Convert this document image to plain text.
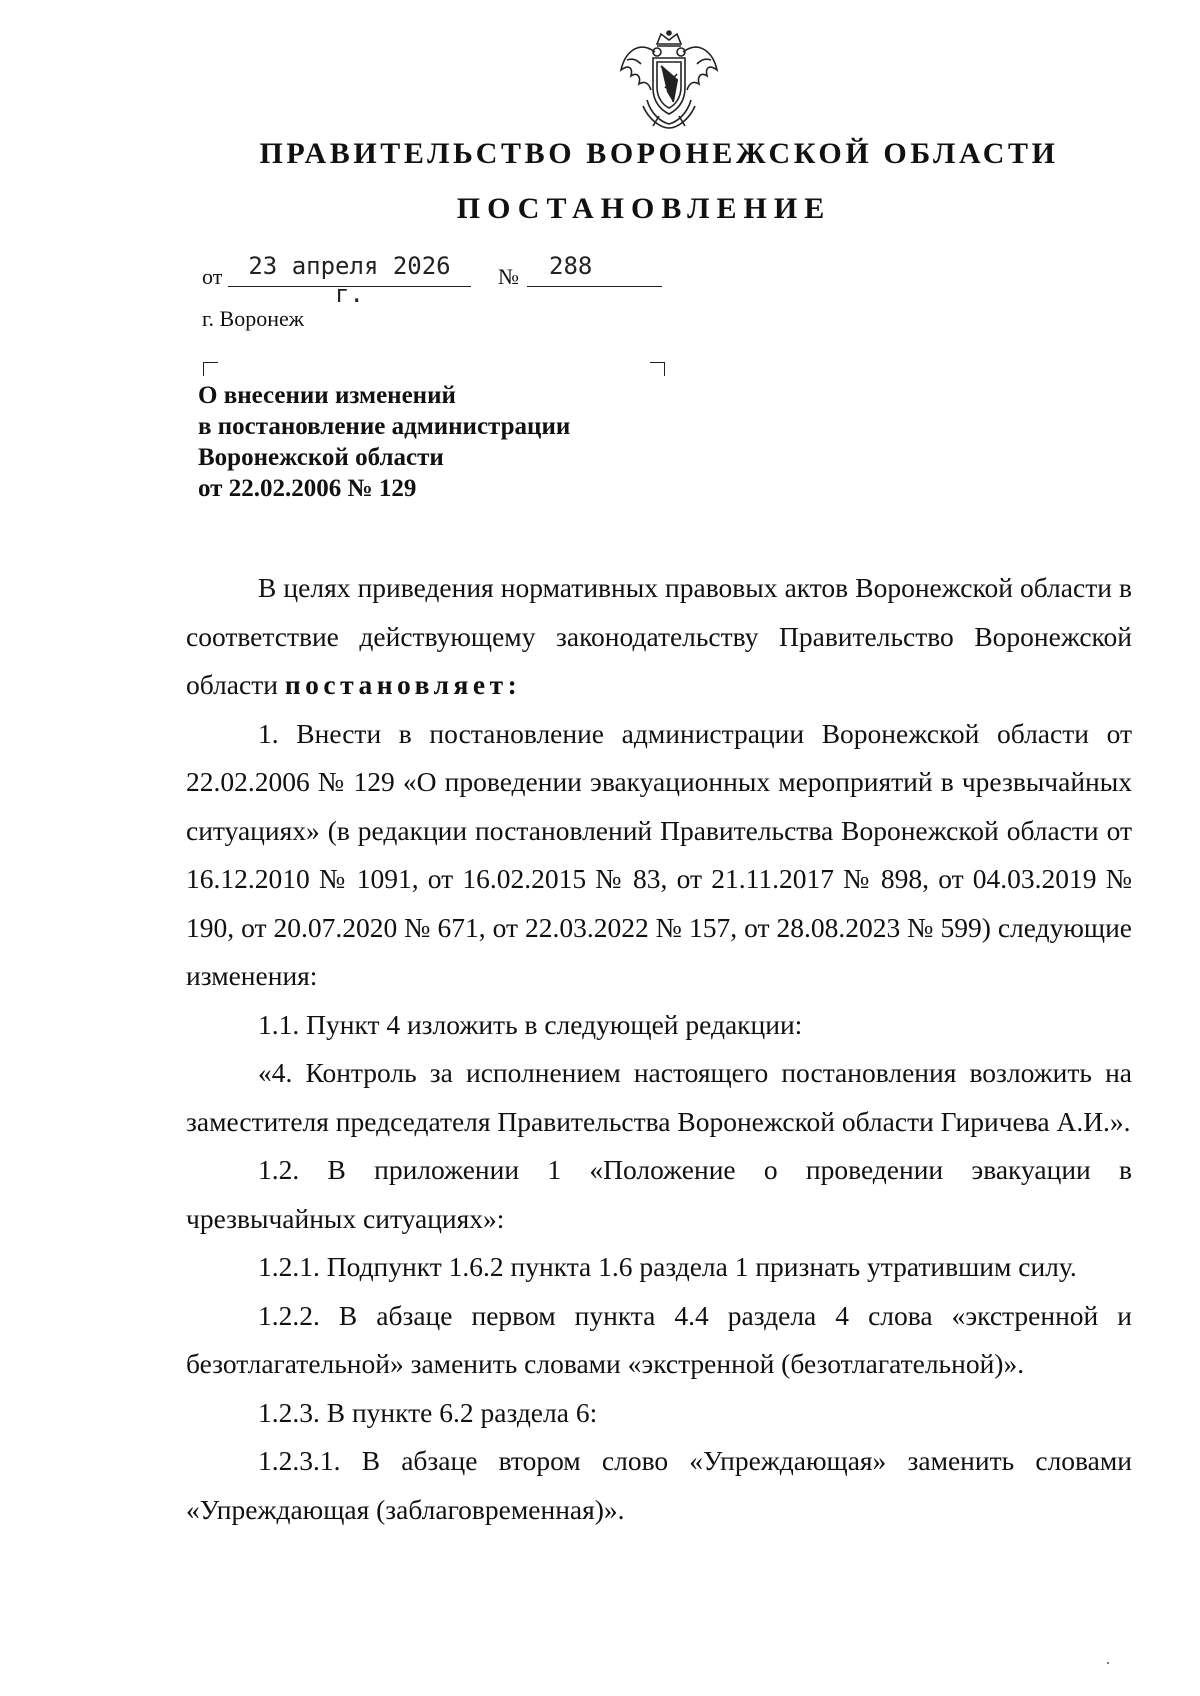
ПРАВИТЕЛЬСТВО ВОРОНЕЖСКОЙ ОБЛАСТИ
ПОСТАНОВЛЕНИЕ
от	23 апреля 2026 г.
№ 288
г. Воронеж
О внесении изменений
в постановление администрации
Воронежской области
от 22.02.2006 № 129

В целях приведения нормативных правовых актов Воронежской области в соответствие действующему законодательству Правительство Воронежской области постановляет:

1. Внести в постановление администрации Воронежской области от 22.02.2006 № 129 «О проведении эвакуационных мероприятий в чрезвычайных ситуациях» (в редакции постановлений Правительства Воронежской области от 16.12.2010 № 1091, от 16.02.2015 № 83, от 21.11.2017 № 898, от 04.03.2019 № 190, от 20.07.2020 № 671, от 22.03.2022 № 157, от 28.08.2023 № 599) следующие изменения:

1.1. Пункт 4 изложить в следующей редакции:

«4. Контроль за исполнением настоящего постановления возложить на заместителя председателя Правительства Воронежской области Гиричева А.И.».

1.2. В приложении 1 «Положение о проведении эвакуации в чрезвычайных ситуациях»:

1.2.1. Подпункт 1.6.2 пункта 1.6 раздела 1 признать утратившим силу.

1.2.2. В абзаце первом пункта 4.4 раздела 4 слова «экстренной и безотлагательной» заменить словами «экстренной (безотлагательной)».

1.2.3. В пункте 6.2 раздела 6:

1.2.3.1. В абзаце втором слово «Упреждающая» заменить словами «Упреждающая (заблаговременная)».
